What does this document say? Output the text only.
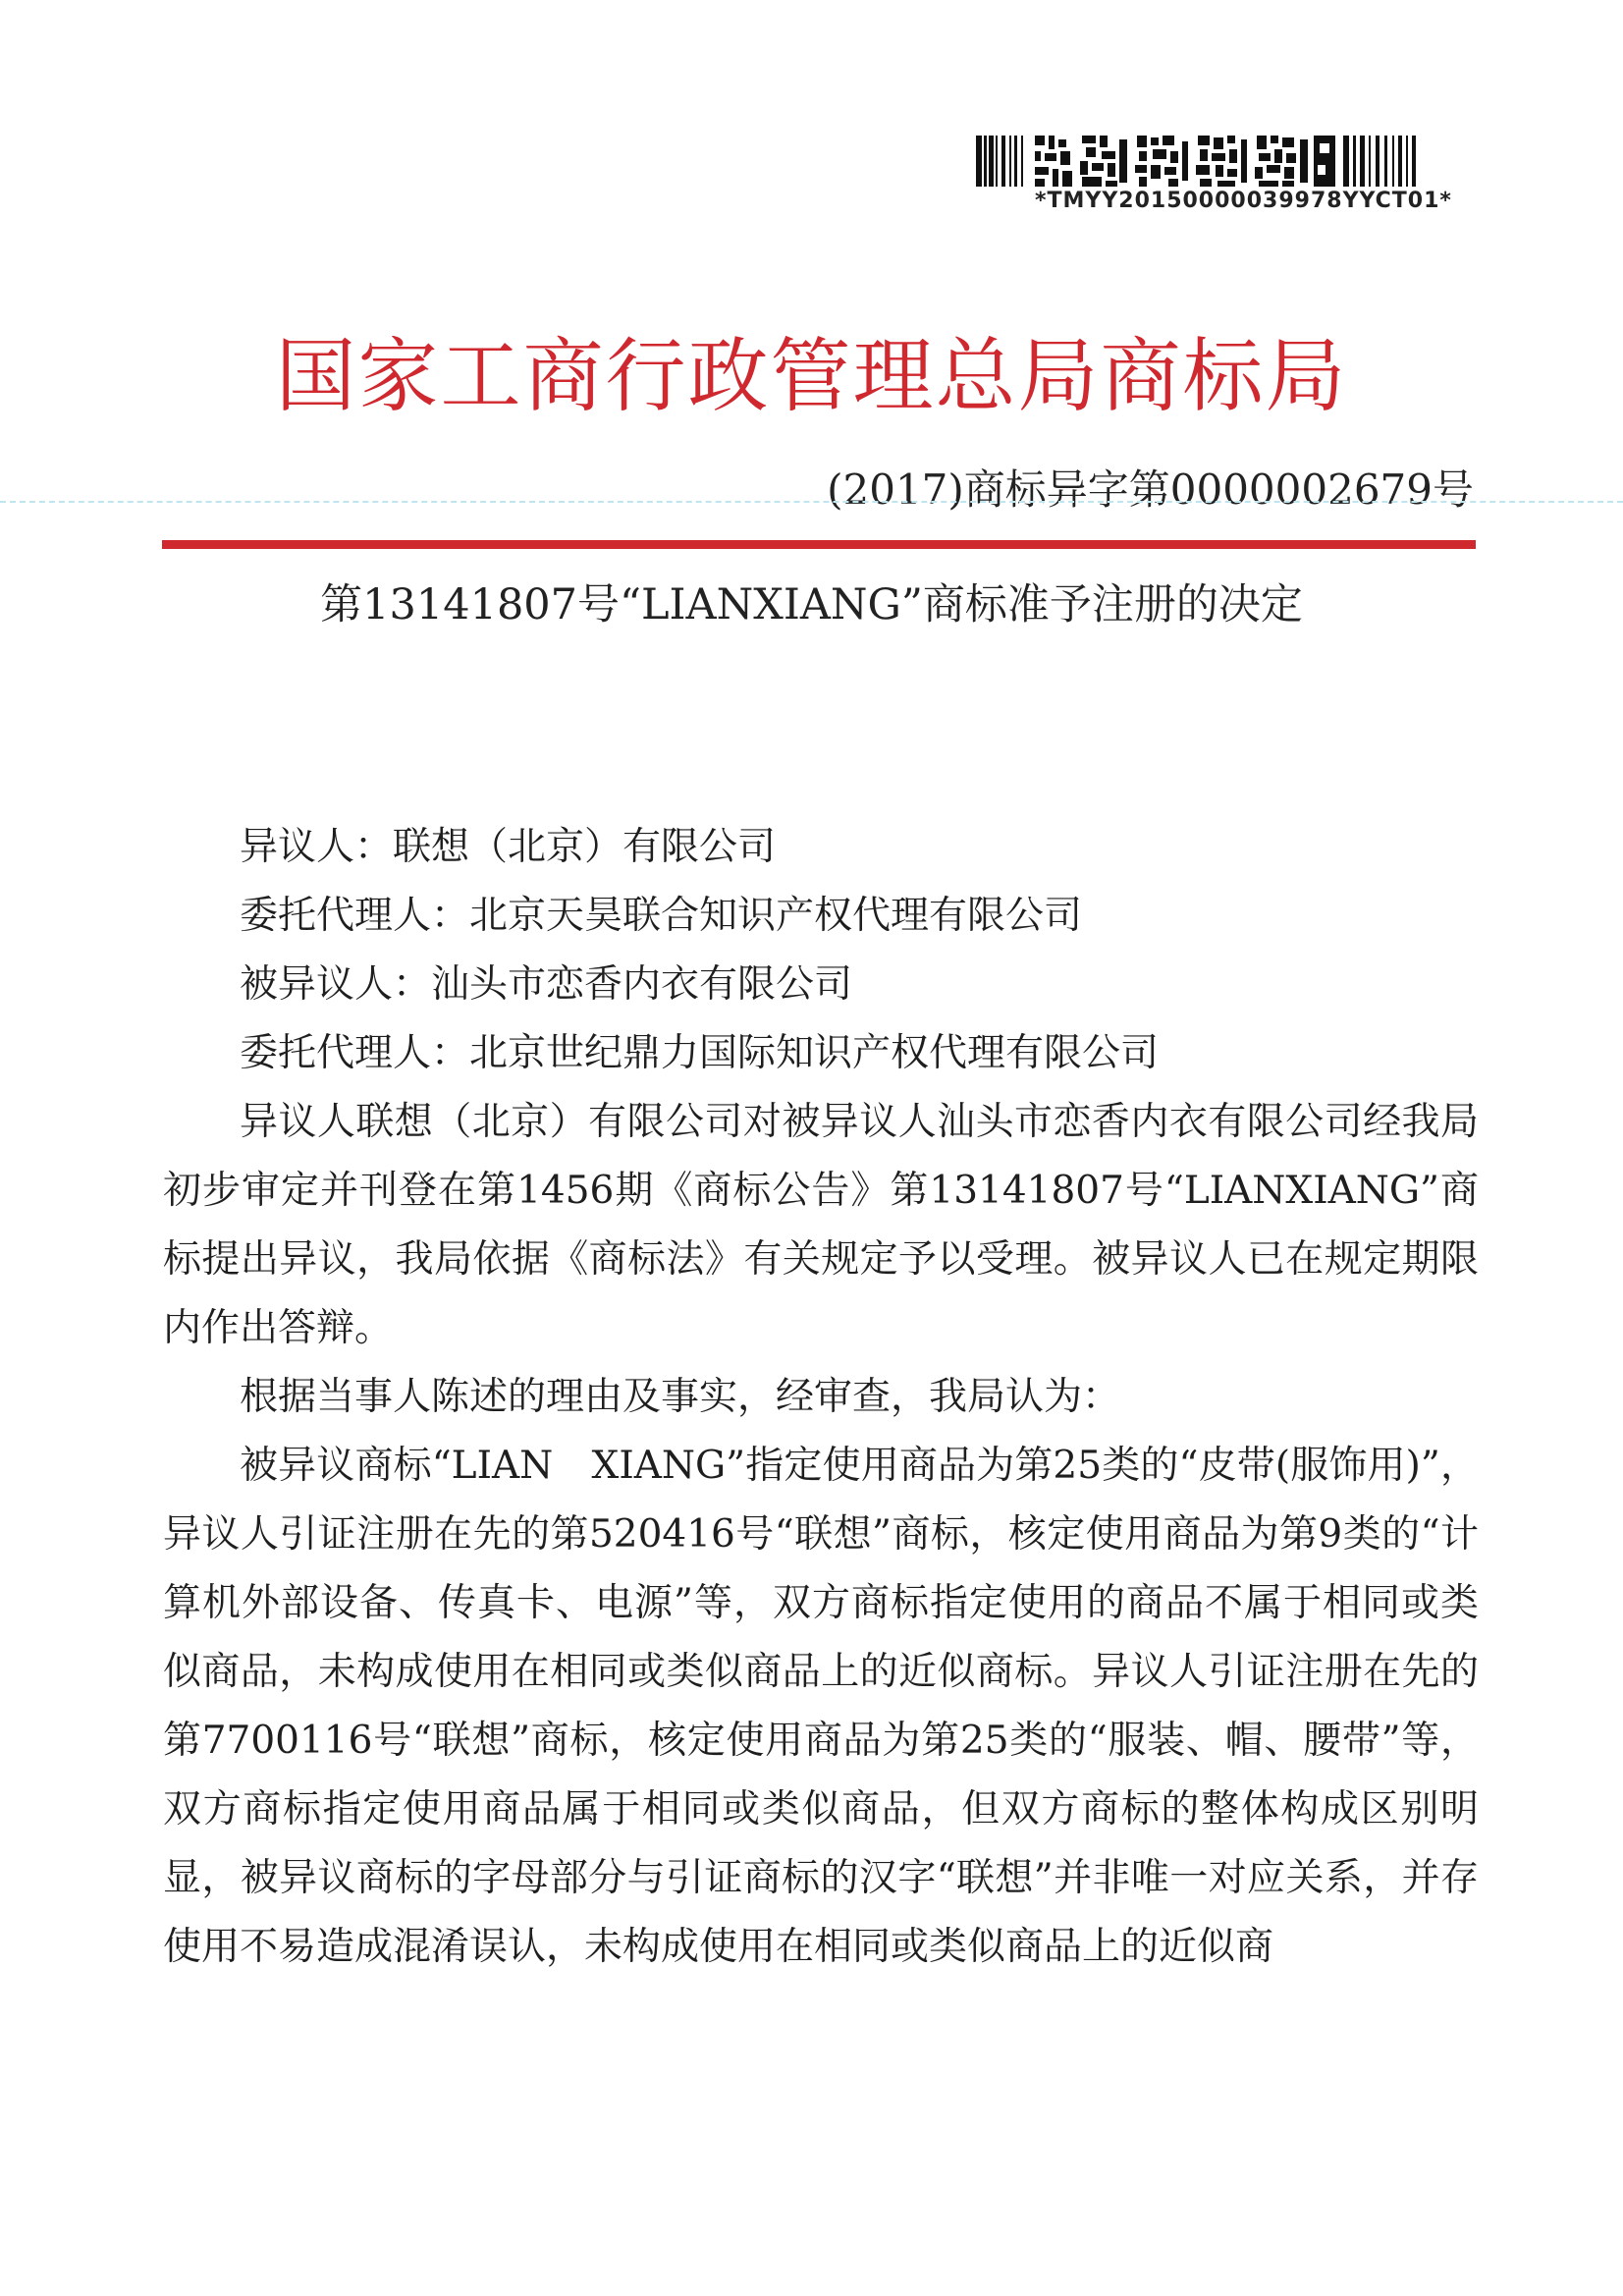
*TMYY20150000039978YYCT01*
国家工商行政管理总局商标局
(2017)商标异字第0000002679号
第13141807号“LIANXIANG”商标准予注册的决定

异议人：联想（北京）有限公司

委托代理人：北京天昊联合知识产权代理有限公司

被异议人：汕头市恋香内衣有限公司

委托代理人：北京世纪鼎力国际知识产权代理有限公司

异议人联想（北京）有限公司对被异议人汕头市恋香内衣有限公司经我局初步审定并刊登在第1456期《商标公告》第13141807号“LIANXIANG”商标提出异议，我局依据《商标法》有关规定予以受理。被异议人已在规定期限内作出答辩。

根据当事人陈述的理由及事实，经审查，我局认为：

被异议商标“LIAN　XIANG”指定使用商品为第25类的“皮带(服饰用)”，异议人引证注册在先的第520416号“联想”商标，核定使用商品为第9类的“计算机外部设备、传真卡、电源”等，双方商标指定使用的商品不属于相同或类似商品，未构成使用在相同或类似商品上的近似商标。异议人引证注册在先的第7700116号“联想”商标，核定使用商品为第25类的“服装、帽、腰带”等，双方商标指定使用商品属于相同或类似商品，但双方商标的整体构成区别明显，被异议商标的字母部分与引证商标的汉字“联想”并非唯一对应关系，并存使用不易造成混淆误认，未构成使用在相同或类似商品上的近似商
